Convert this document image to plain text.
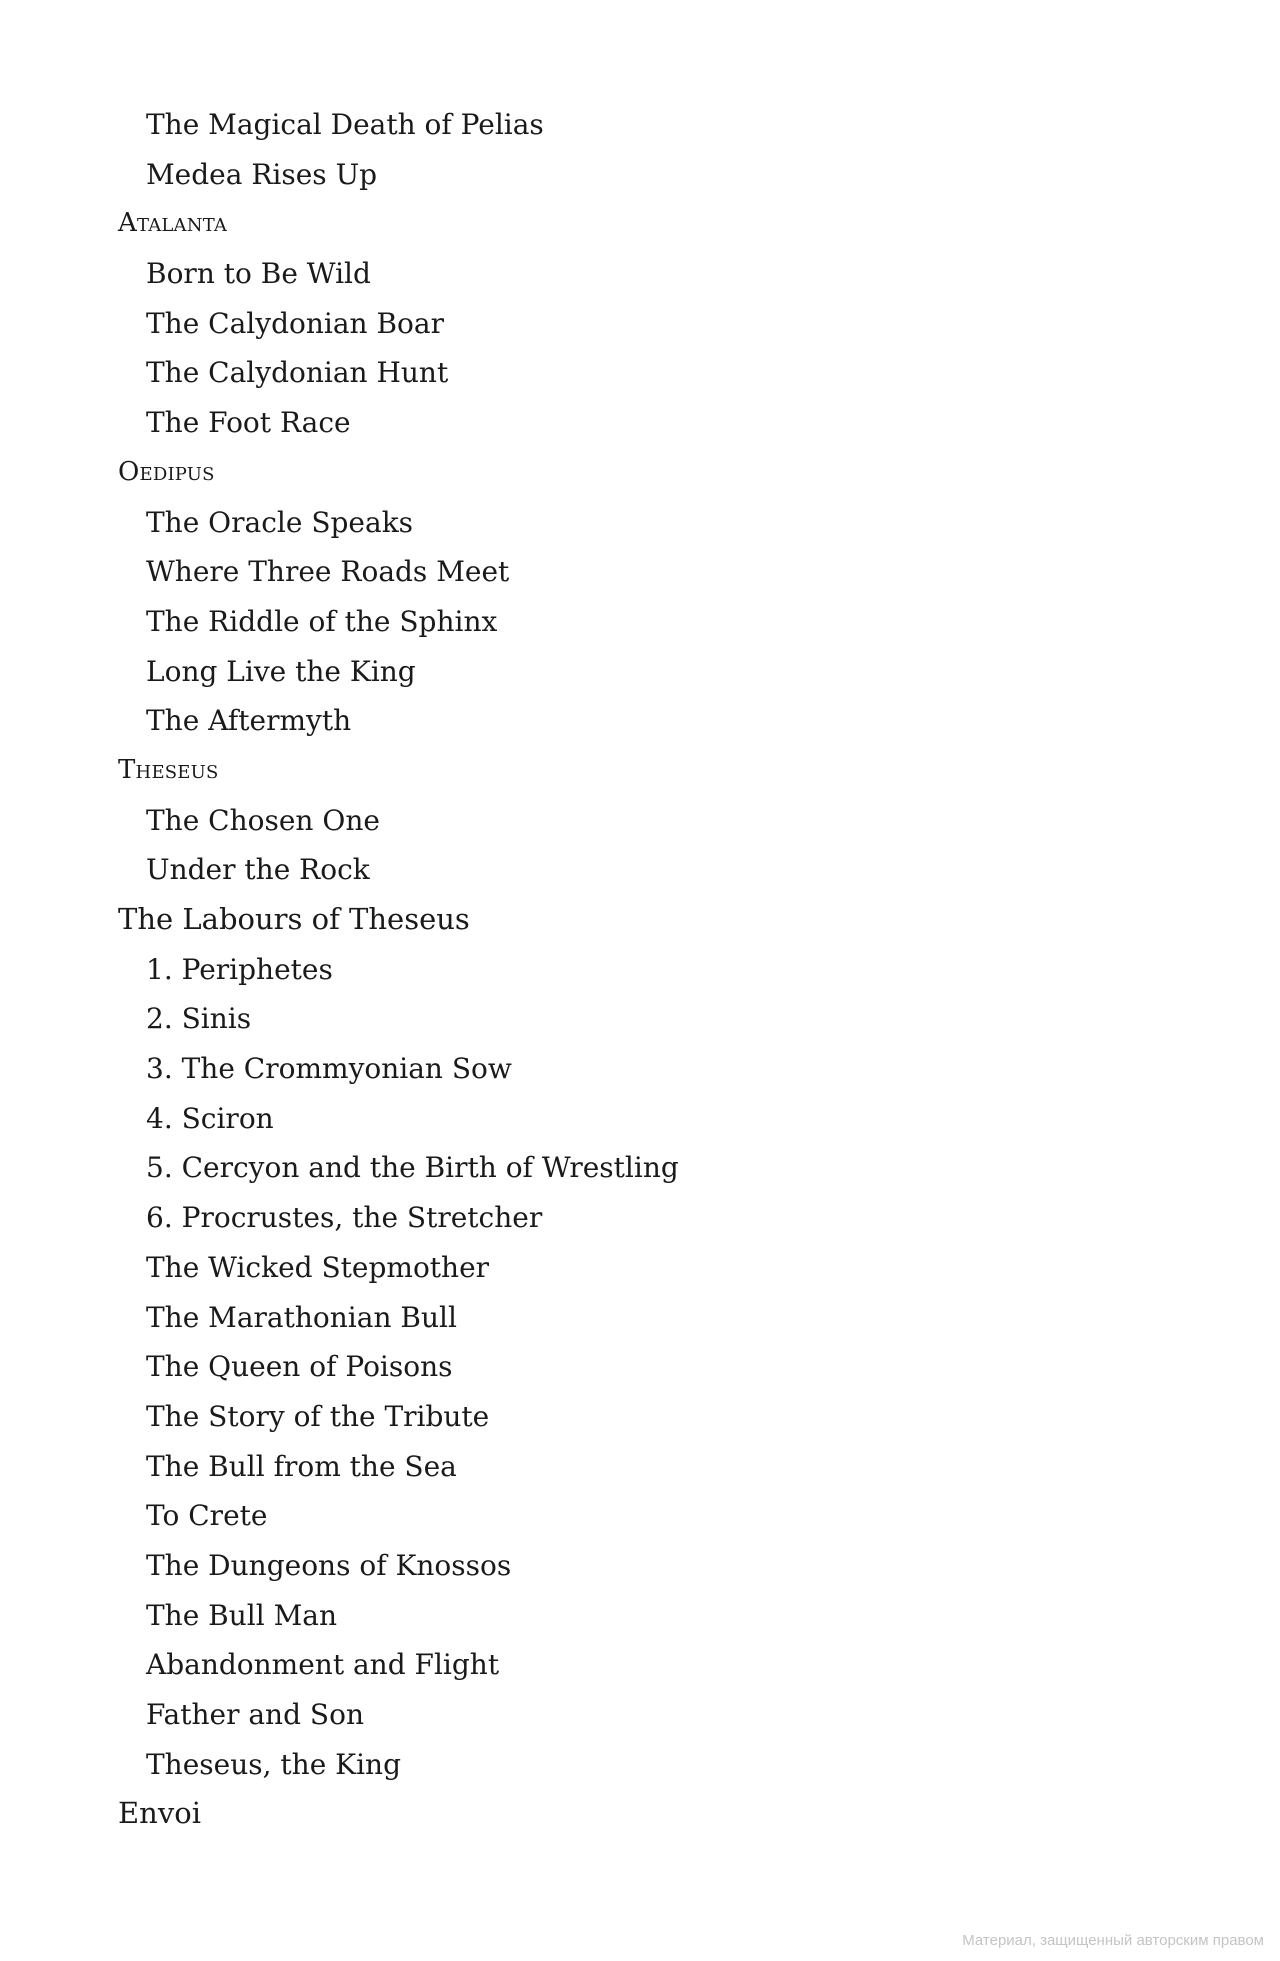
The Magical Death of Pelias
Medea Rises Up
Atalanta
Born to Be Wild
The Calydonian Boar
The Calydonian Hunt
The Foot Race
Oedipus
The Oracle Speaks
Where Three Roads Meet
The Riddle of the Sphinx
Long Live the King
The Aftermyth
Theseus
The Chosen One
Under the Rock
The Labours of Theseus
1. Periphetes
2. Sinis
3. The Crommyonian Sow
4. Sciron
5. Cercyon and the Birth of Wrestling
6. Procrustes, the Stretcher
The Wicked Stepmother
The Marathonian Bull
The Queen of Poisons
The Story of the Tribute
The Bull from the Sea
To Crete
The Dungeons of Knossos
The Bull Man
Abandonment and Flight
Father and Son
Theseus, the King
Envoi
Материал, защищенный авторским правом
